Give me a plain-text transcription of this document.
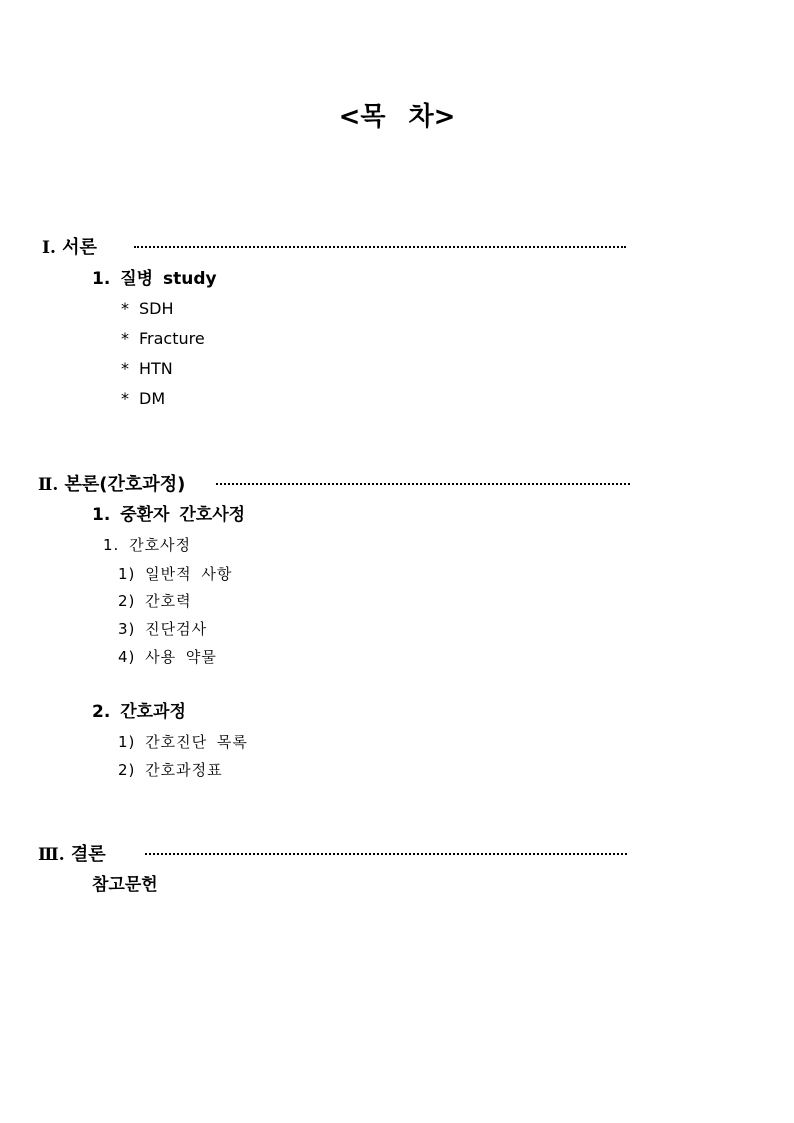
<목 차>
Ⅰ. 서론
1. 질병 study
* SDH
* Fracture
* HTN
* DM
Ⅱ. 본론(간호과정)
1. 중환자 간호사정
1. 간호사정
1) 일반적 사항
2) 간호력
3) 진단검사
4) 사용 약물
2. 간호과정
1) 간호진단 목록
2) 간호과정표
Ⅲ. 결론
참고문헌
